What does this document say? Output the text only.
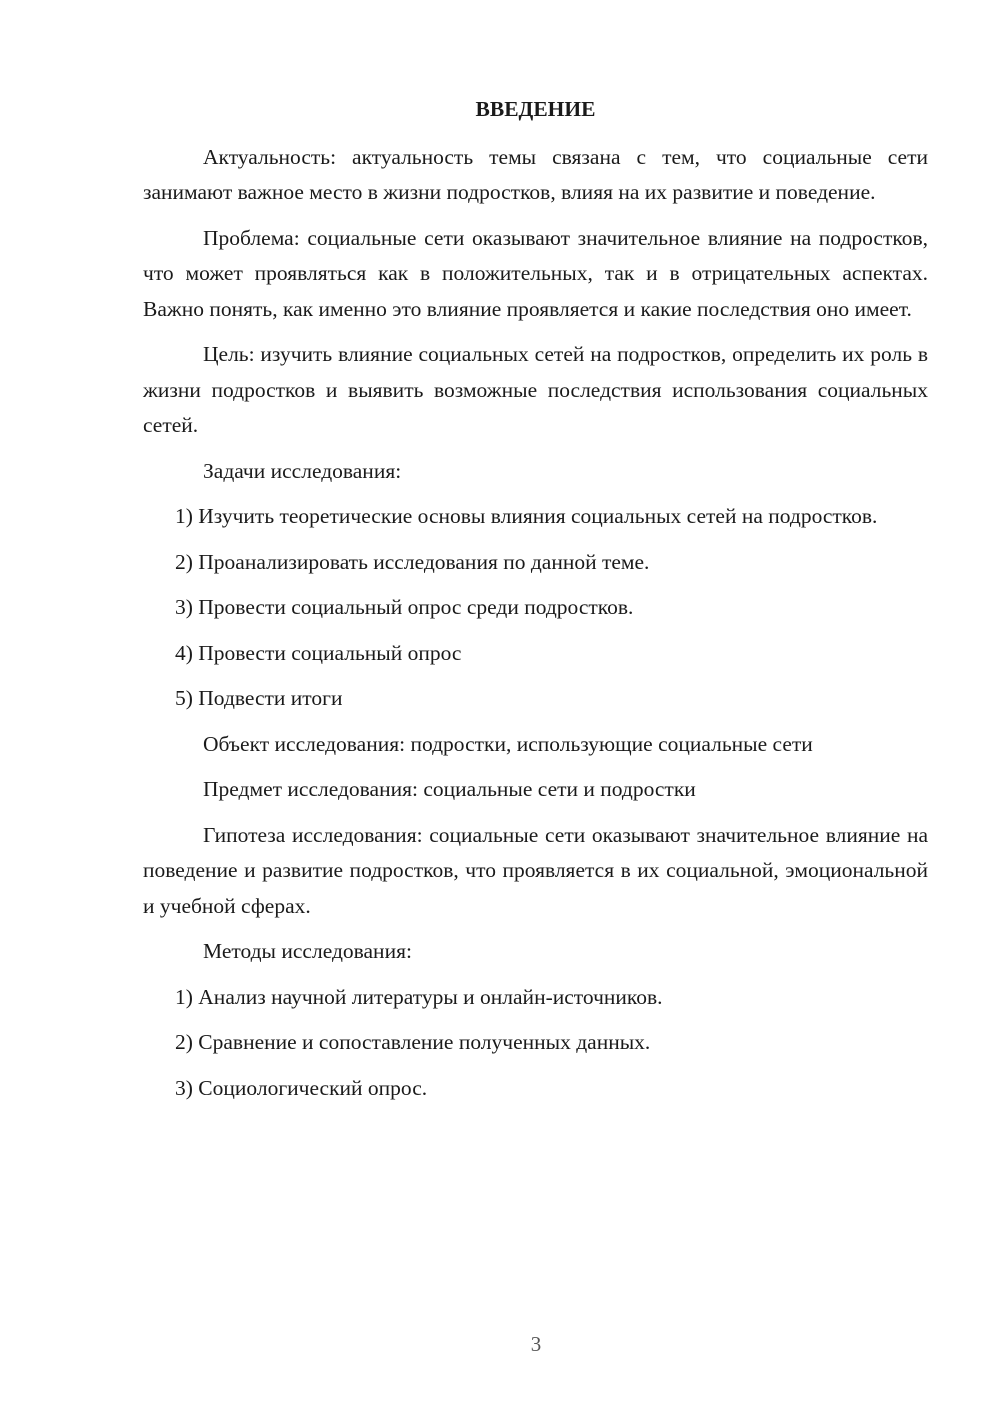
ВВЕДЕНИЕ

Актуальность: актуальность темы связана с тем, что социальные сети занимают важное место в жизни подростков, влияя на их развитие и поведение.

Проблема: социальные сети оказывают значительное влияние на подростков, что может проявляться как в положительных, так и в отрицательных аспектах. Важно понять, как именно это влияние проявляется и какие последствия оно имеет.

Цель: изучить влияние социальных сетей на подростков, определить их роль в жизни подростков и выявить возможные последствия использования социальных сетей.

Задачи исследования:

1) Изучить теоретические основы влияния социальных сетей на подростков.

2) Проанализировать исследования по данной теме.

3) Провести социальный опрос среди подростков.

4) Провести социальный опрос

5) Подвести итоги

Объект исследования: подростки, использующие социальные сети

Предмет исследования: социальные сети и подростки

Гипотеза исследования: социальные сети оказывают значительное влияние на поведение и развитие подростков, что проявляется в их социальной, эмоциональной и учебной сферах.

Методы исследования:

1) Анализ научной литературы и онлайн-источников.

2) Сравнение и сопоставление полученных данных.

3) Социологический опрос.

3
